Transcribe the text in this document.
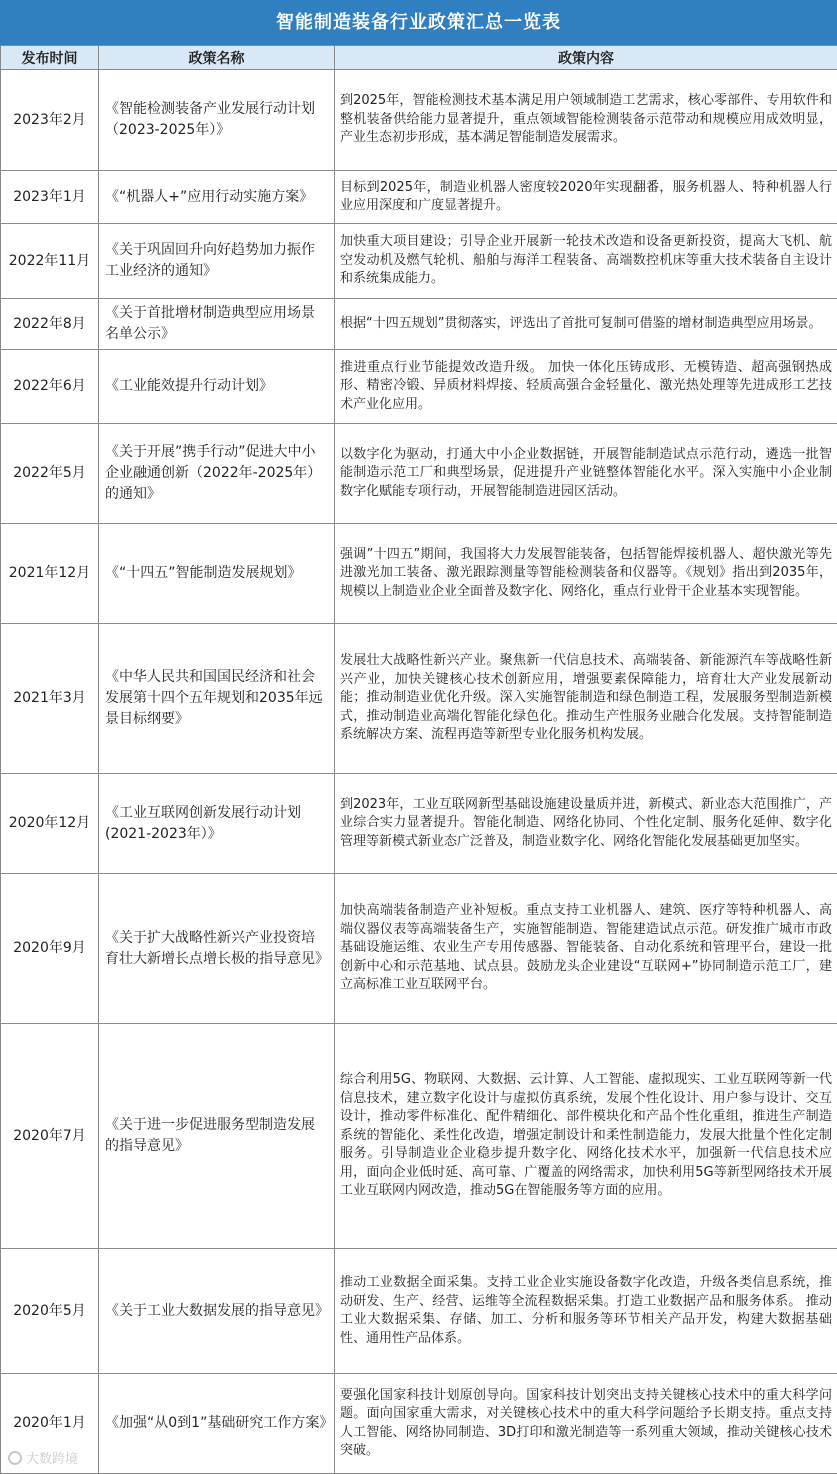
智能制造装备行业政策汇总一览表
发布时间	政策名称	政策内容
2023年2月	《智能检测装备产业发展行动计划（2023-2025年）》	到2025年，智能检测技术基本满足用户领域制造工艺需求，核心零部件、专用软件和整机装备供给能力显著提升，重点领域智能检测装备示范带动和规模应用成效明显，产业生态初步形成，基本满足智能制造发展需求。
2023年1月	《“机器人+”应用行动实施方案》	目标到2025年，制造业机器人密度较2020年实现翻番，服务机器人、特种机器人行业应用深度和广度显著提升。
2022年11月	《关于巩固回升向好趋势加力振作工业经济的通知》	加快重大项目建设；引导企业开展新一轮技术改造和设备更新投资，提高大飞机、航空发动机及燃气轮机、船舶与海洋工程装备、高端数控机床等重大技术装备自主设计和系统集成能力。
2022年8月	《关于首批增材制造典型应用场景名单公示》	根据“十四五规划”贯彻落实，评选出了首批可复制可借鉴的增材制造典型应用场景。
2022年6月	《工业能效提升行动计划》	推进重点行业节能提效改造升级。 加快一体化压铸成形、无模铸造、超高强钢热成形、精密冷锻、异质材料焊接、轻质高强合金轻量化、激光热处理等先进成形工艺技术产业化应用。
2022年5月	《关于开展”携手行动”促进大中小企业融通创新（2022年-2025年）的通知》	以数字化为驱动，打通大中小企业数据链，开展智能制造试点示范行动，遴选一批智能制造示范工厂和典型场景，促进提升产业链整体智能化水平。深入实施中小企业制数字化赋能专项行动，开展智能制造进园区活动。
2021年12月	《“十四五”智能制造发展规划》	强调”十四五”期间，我国将大力发展智能装备，包括智能焊接机器人、超快激光等先进激光加工装备、激光跟踪测量等智能检测装备和仪器等。《规划》指出到2035年，规模以上制造业企业全面普及数字化、网络化，重点行业骨干企业基本实现智能。
2021年3月	《中华人民共和国国民经济和社会发展第十四个五年规划和2035年远景目标纲要》	发展壮大战略性新兴产业。聚焦新一代信息技术、高端装备、新能源汽车等战略性新兴产业，加快关键核心技术创新应用，增强要素保障能力，培育壮大产业发展新动能；推动制造业优化升级。深入实施智能制造和绿色制造工程，发展服务型制造新模式，推动制造业高端化智能化绿色化。推动生产性服务业融合化发展。支持智能制造系统解决方案、流程再造等新型专业化服务机构发展。
2020年12月	《工业互联网创新发展行动计划 (2021-2023年）》	到2023年，工业互联网新型基础设施建设量质并进，新模式、新业态大范围推广，产业综合实力显著提升。智能化制造、网络化协同、个性化定制、服务化延伸、数字化管理等新模式新业态广泛普及，制造业数字化、网络化智能化发展基础更加坚实。
2020年9月	《关于扩大战略性新兴产业投资培育壮大新增长点增长极的指导意见》	加快高端装备制造产业补短板。重点支持工业机器人、建筑、医疗等特种机器人、高端仪器仪表等高端装备生产，实施智能制造、智能建造试点示范。研发推广城市市政基础设施运维、农业生产专用传感器、智能装备、自动化系统和管理平台，建设一批创新中心和示范基地、试点县。鼓励龙头企业建设“互联网+”协同制造示范工厂，建立高标准工业互联网平台。
2020年7月	《关于进一步促进服务型制造发展的指导意见》	综合利用5G、物联网、大数据、云计算、人工智能、虚拟现实、工业互联网等新一代信息技术，建立数字化设计与虚拟仿真系统，发展个性化设计、用户参与设计、交互设计，推动零件标准化、配件精细化、部件模块化和产品个性化重组，推进生产制造系统的智能化、柔性化改造，增强定制设计和柔性制造能力，发展大批量个性化定制服务。引导制造业企业稳步提升数字化、网络化技术水平，加强新一代信息技术应用，面向企业低时延、高可靠、广覆盖的网络需求，加快利用5G等新型网络技术开展工业互联网内网改造，推动5G在智能服务等方面的应用。
2020年5月	《关于工业大数据发展的指导意见》	推动工业数据全面采集。支持工业企业实施设备数字化改造，升级各类信息系统，推动研发、生产、经营、运维等全流程数据采集。打造工业数据产品和服务体系。 推动工业大数据采集、存储、加工、分析和服务等环节相关产品开发，构建大数据基础性、通用性产品体系。
2020年1月	《加强“从0到1”基础研究工作方案》	要强化国家科技计划原创导向。国家科技计划突出支持关键核心技术中的重大科学问题。面向国家重大需求，对关键核心技术中的重大科学问题给予长期支持。重点支持人工智能、网络协同制造、3D打印和激光制造等一系列重大领域，推动关键核心技术突破。
大数跨境
